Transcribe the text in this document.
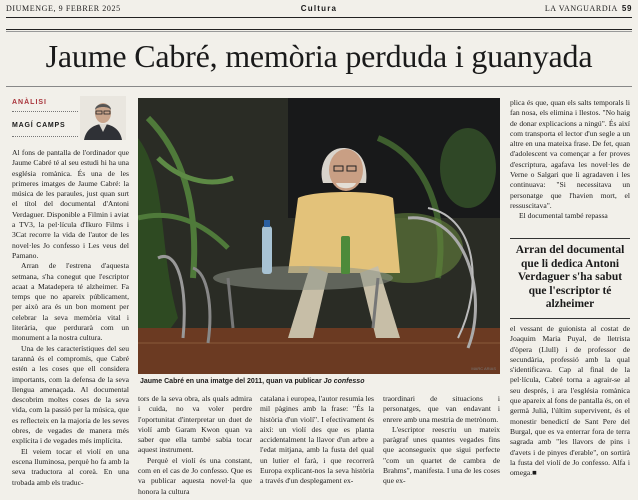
DIUMENGE, 9 FEBRER 2025	Cultura	LA VANGUARDIA 59
Jaume Cabré, memòria perduda i guanyada
ANÀLISI
MAGÍ CAMPS

Al fons de pantalla de l'ordinador que Jaume Cabré té al seu estudi hi ha una església romànica. És una de les primeres imatges de Jaume Cabré: la música de les paraules, just quan surt el títol del documental d'Antoni Verdaguer. Disponible a Filmin i aviat a TV3, la pel·lícula d'Ikuro Films i 3Cat recorre la vida de l'autor de les novel·les Jo confesso i Les veus del Pamano.

Arran de l'estrena d'aquesta setmana, s'ha conegut que l'escriptor acaat a Matadepera té alzheimer. Fa temps que no apareix públicament, per això ara és un bon moment per celebrar la seva memòria vital i literària, que perdurarà com un monument a la nostra cultura.

Una de les característiques del seu tarannà és el compromís, que Cabré estén a les coses que ell considera importants, com la defensa de la seva llengua amenaçada. Al documental descobrim moltes coses de la seva vida, com la passió per la música, que es reflecteix en la majoria de les seves obres, de vegades de manera més explícita i de vegades més implícita.

El veiem tocar el violí en una escena lluminosa, perquè ho fa amb la seva traductora al coreà. En una trobada amb els traduc-

MARC ARIAS
Jaume Cabré en una imatge del 2011, quan va publicar Jo confesso

tors de la seva obra, als quals admira i cuida, no va voler perdre l'oportunitat d'interpretar un duet de violí amb Garam Kwon quan va saber que ella també sabia tocar aquest instrument.

Perquè el violí és una constant, com en el cas de Jo confesso. Que es va publicar aquesta novel·la que honora la cultura

catalana i europea, l'autor resumia les mil pàgines amb la frase: "És la història d'un violí". I efectivament és així: un violí des que es planta accidentalment la llavor d'un arbre a l'edat mitjana, amb la fusta del qual un lutier el farà, i que recorrerà Europa explicant-nos la seva història a través d'un desplegament ex-

traordinari de situacions i personatges, que van endavant i enrere amb una mestria de metrònom.

L'escriptor reescriu un mateix paràgraf unes quantes vegades fins que aconsegueix que sigui perfecte "com un quartet de cambra de Brahms", manifesta. I una de les coses que ex-

plica és que, quan els salts temporals li fan nosa, els elimina i llestos. "No haig de donar explicacions a ningú". És així com transporta el lector d'un segle a un altre en una mateixa frase. De fet, quan d'adolescent va començar a fer proves d'escriptura, agafava les novel·les de Verne o Salgari que li agradaven i les continuava: "Si necessitava un personatge que l'havien mort, el ressuscitava".

El documental també repassa

Arran del documental que li dedica Antoni Verdaguer s'ha sabut que l'escriptor té alzheimer

el vessant de guionista al costat de Joaquim Maria Puyal, de lletrista d'òpera (Llull) i de professor de secundària, professió amb la qual s'identificava. Cap al final de la pel·lícula, Cabré torna a agrair-se al seu després, i ara l'església romànica que apareix al fons de pantalla és, on el germà Julià, l'últim supervivent, és el monestir benedictí de Sant Pere del Burgal, que es va enterrar fora de terra sagrada amb "les llavors de pins i d'avets i de pinyes d'erable", on sortirà la fusta del violí de Jo confesso. Alfa i omega.■
